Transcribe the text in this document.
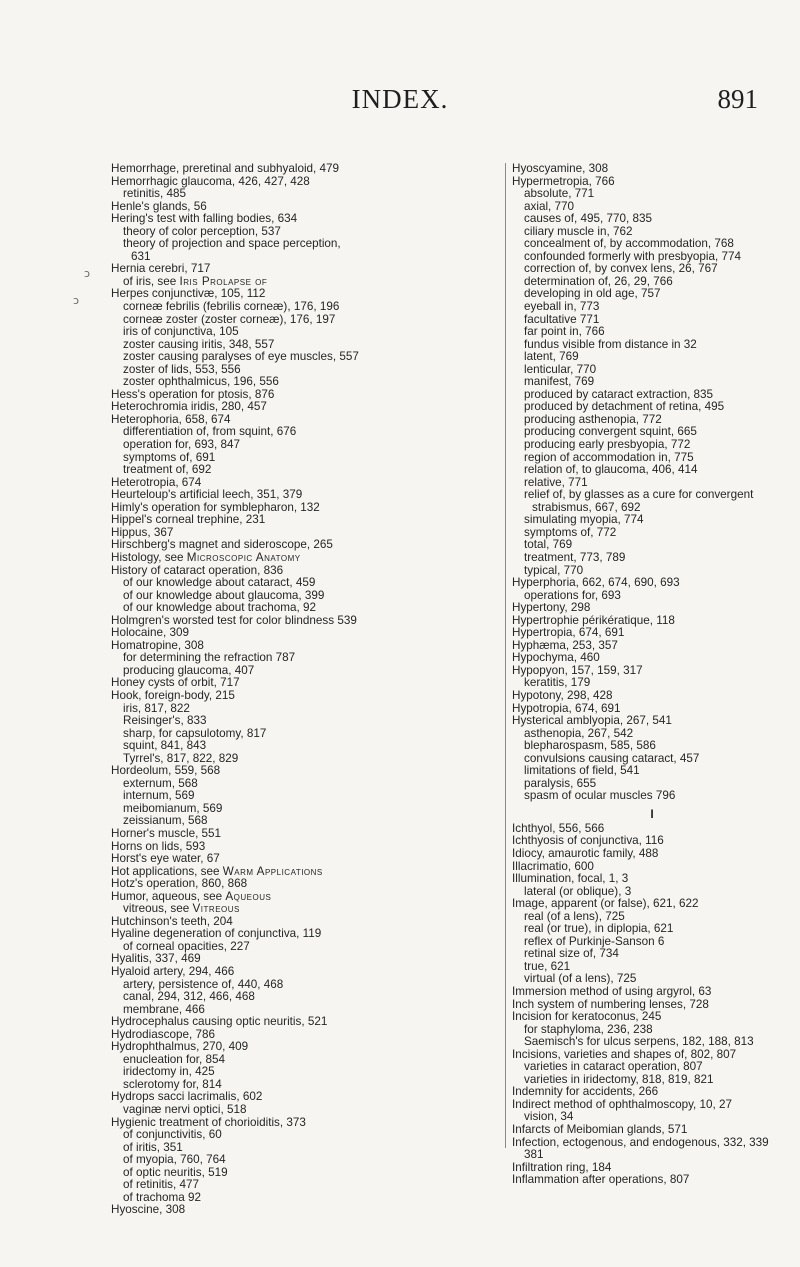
INDEX.	891
Hemorrhage, preretinal and subhyaloid, 479
Hemorrhagic glaucoma, 426, 427, 428
retinitis, 485
Henle's glands, 56
Hering's test with falling bodies, 634
theory of color perception, 537
theory of projection and space perception,
631
Hernia cerebri, 717
of iris, see Iris Prolapse of
Herpes conjunctivæ, 105, 112
corneæ febrilis (febrilis corneæ), 176, 196
corneæ zoster (zoster corneæ), 176, 197
iris of conjunctiva, 105
zoster causing iritis, 348, 557
zoster causing paralyses of eye muscles, 557
zoster of lids, 553, 556
zoster ophthalmicus, 196, 556
Hess's operation for ptosis, 876
Heterochromia iridis, 280, 457
Heterophoria, 658, 674
differentiation of, from squint, 676
operation for, 693, 847
symptoms of, 691
treatment of, 692
Heterotropia, 674
Heurteloup's artificial leech, 351, 379
Himly's operation for symblepharon, 132
Hippel's corneal trephine, 231
Hippus, 367
Hirschberg's magnet and sideroscope, 265
Histology, see Microscopic Anatomy
History of cataract operation, 836
of our knowledge about cataract, 459
of our knowledge about glaucoma, 399
of our knowledge about trachoma, 92
Holmgren's worsted test for color blindness 539
Holocaine, 309
Homatropine, 308
for determining the refraction 787
producing glaucoma, 407
Honey cysts of orbit, 717
Hook, foreign-body, 215
iris, 817, 822
Reisinger's, 833
sharp, for capsulotomy, 817
squint, 841, 843
Tyrrel's, 817, 822, 829
Hordeolum, 559, 568
externum, 568
internum, 569
meibomianum, 569
zeissianum, 568
Horner's muscle, 551
Horns on lids, 593
Horst's eye water, 67
Hot applications, see Warm Applications
Hotz's operation, 860, 868
Humor, aqueous, see Aqueous
vitreous, see Vitreous
Hutchinson's teeth, 204
Hyaline degeneration of conjunctiva, 119
of corneal opacities, 227
Hyalitis, 337, 469
Hyaloid artery, 294, 466
artery, persistence of, 440, 468
canal, 294, 312, 466, 468
membrane, 466
Hydrocephalus causing optic neuritis, 521
Hydrodiascope, 786
Hydrophthalmus, 270, 409
enucleation for, 854
iridectomy in, 425
sclerotomy for, 814
Hydrops sacci lacrimalis, 602
vaginæ nervi optici, 518
Hygienic treatment of chorioiditis, 373
of conjunctivitis, 60
of iritis, 351
of myopia, 760, 764
of optic neuritis, 519
of retinitis, 477
of trachoma 92
Hyoscine, 308
Hyoscyamine, 308
Hypermetropia, 766
absolute, 771
axial, 770
causes of, 495, 770, 835
ciliary muscle in, 762
concealment of, by accommodation, 768
confounded formerly with presbyopia, 774
correction of, by convex lens, 26, 767
determination of, 26, 29, 766
developing in old age, 757
eyeball in, 773
facultative 771
far point in, 766
fundus visible from distance in 32
latent, 769
lenticular, 770
manifest, 769
produced by cataract extraction, 835
produced by detachment of retina, 495
producing asthenopia, 772
producing convergent squint, 665
producing early presbyopia, 772
region of accommodation in, 775
relation of, to glaucoma, 406, 414
relative, 771
relief of, by glasses as a cure for convergent
strabismus, 667, 692
simulating myopia, 774
symptoms of, 772
total, 769
treatment, 773, 789
typical, 770
Hyperphoria, 662, 674, 690, 693
operations for, 693
Hypertony, 298
Hypertrophie périkératique, 118
Hypertropia, 674, 691
Hyphæma, 253, 357
Hypochyma, 460
Hypopyon, 157, 159, 317
keratitis, 179
Hypotony, 298, 428
Hypotropia, 674, 691
Hysterical amblyopia, 267, 541
asthenopia, 267, 542
blepharospasm, 585, 586
convulsions causing cataract, 457
limitations of field, 541
paralysis, 655
spasm of ocular muscles 796
I
Ichthyol, 556, 566
Ichthyosis of conjunctiva, 116
Idiocy, amaurotic family, 488
Illacrimatio, 600
Illumination, focal, 1, 3
lateral (or oblique), 3
Image, apparent (or false), 621, 622
real (of a lens), 725
real (or true), in diplopia, 621
reflex of Purkinje-Sanson 6
retinal size of, 734
true, 621
virtual (of a lens), 725
Immersion method of using argyrol, 63
Inch system of numbering lenses, 728
Incision for keratoconus, 245
for staphyloma, 236, 238
Saemisch's for ulcus serpens, 182, 188, 813
Incisions, varieties and shapes of, 802, 807
varieties in cataract operation, 807
varieties in iridectomy, 818, 819, 821
Indemnity for accidents, 266
Indirect method of ophthalmoscopy, 10, 27
vision, 34
Infarcts of Meibomian glands, 571
Infection, ectogenous, and endogenous, 332, 339
381
Infiltration ring, 184
Inflammation after operations, 807
ↄ
ↄ
